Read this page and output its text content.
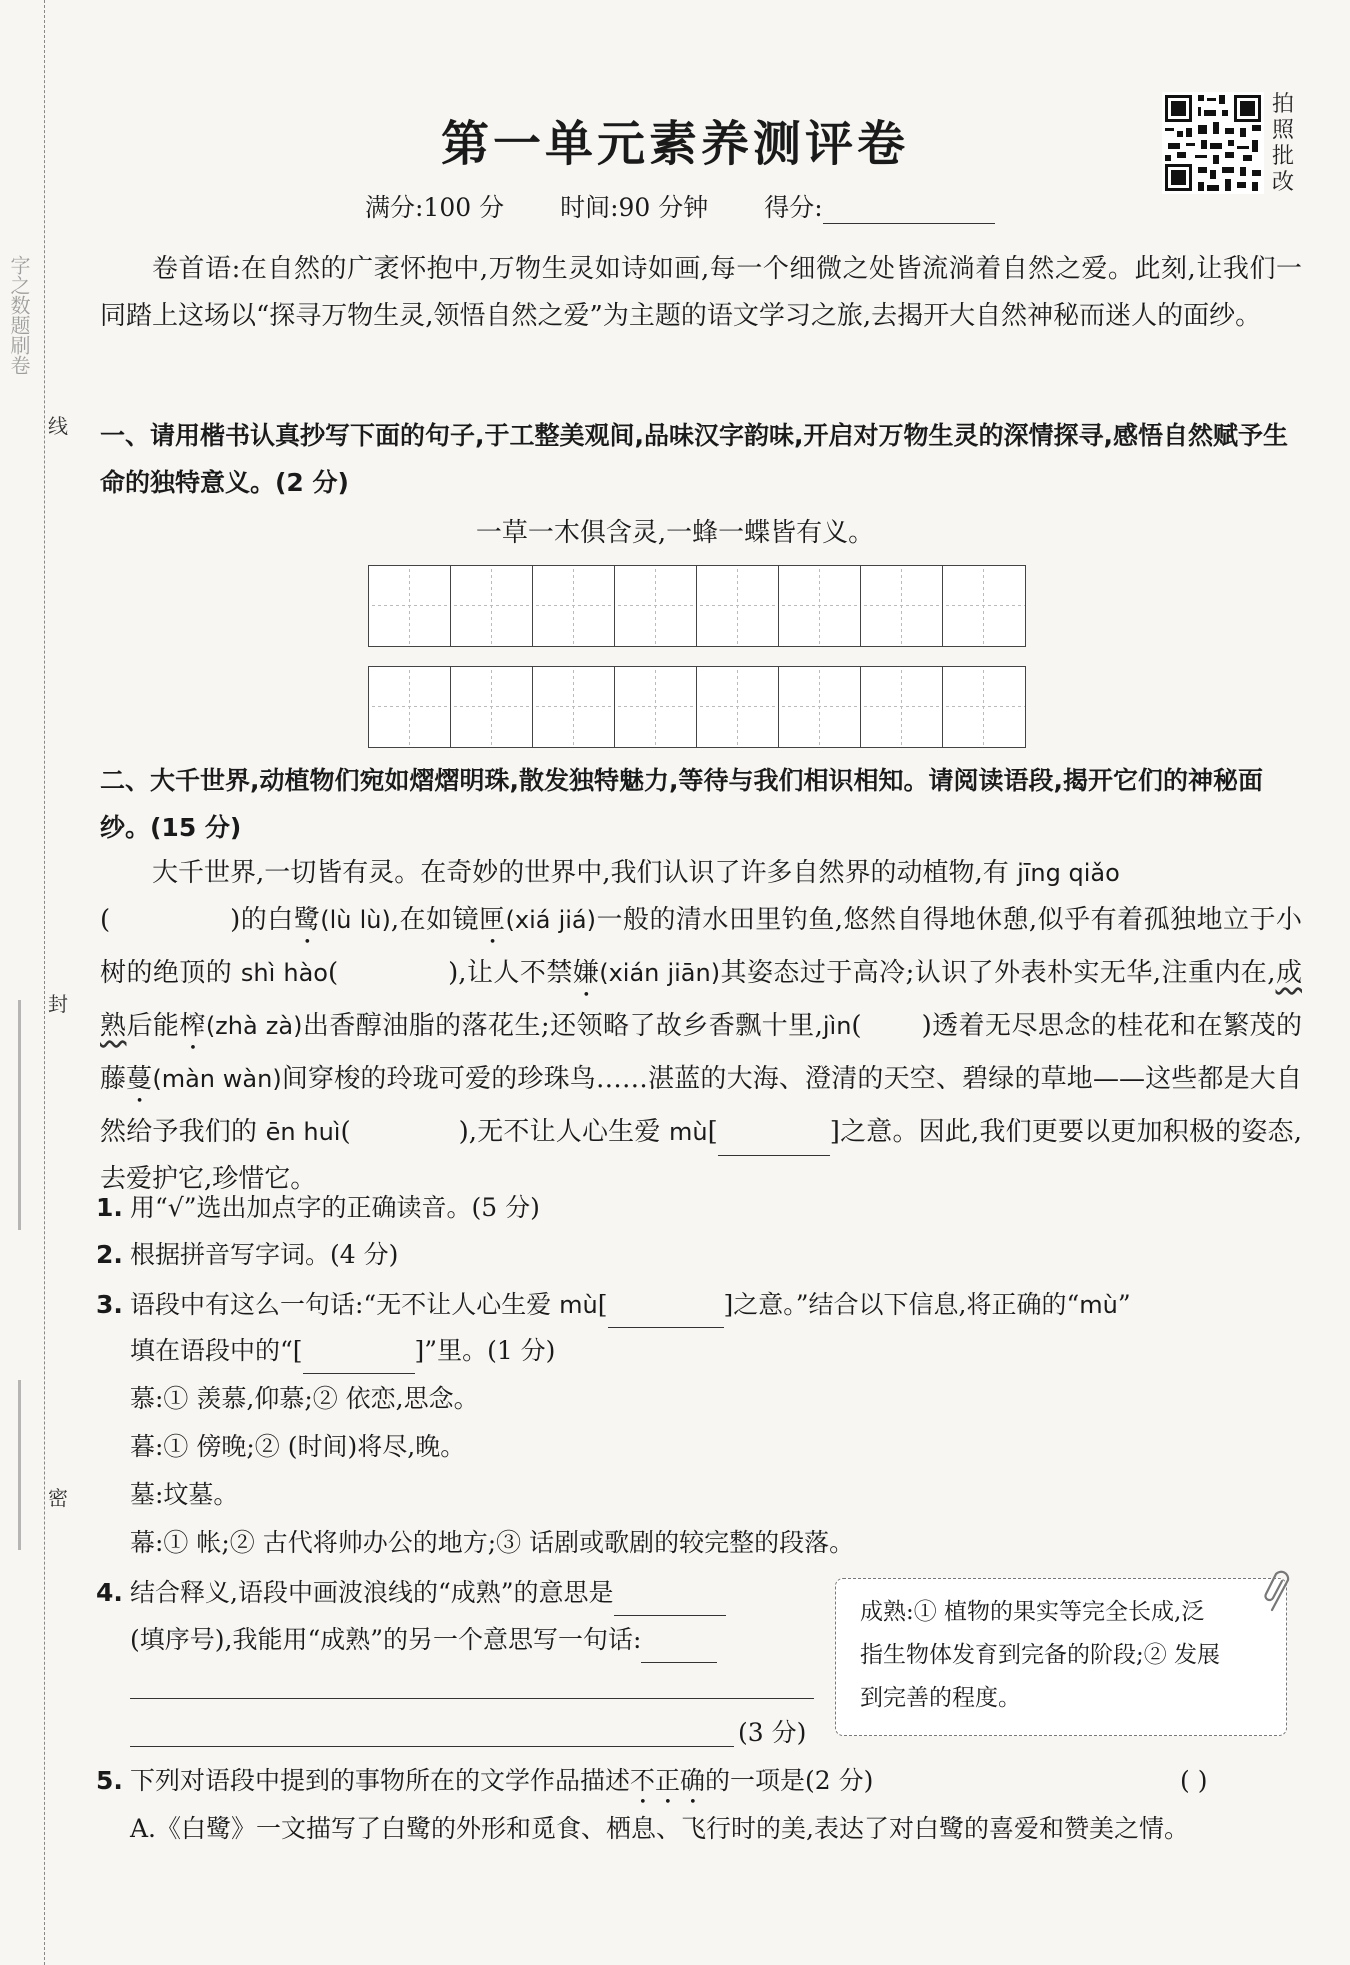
字之数题刷卷
线
封
密
第一单元素养测评卷
拍
照
批
改
满分:100 分 时间:90 分钟 得分:

卷首语:在自然的广袤怀抱中,万物生灵如诗如画,每一个细微之处皆流淌着自然之爱。此刻,让我们一同踏上这场以“探寻万物生灵,领悟自然之爱”为主题的语文学习之旅,去揭开大自然神秘而迷人的面纱。

一、请用楷书认真抄写下面的句子,于工整美观间,品味汉字韵味,开启对万物生灵的深情探寻,感悟自然赋予生命的独特意义。(2 分)
一草一木俱含灵,一蜂一蝶皆有义。
二、大千世界,动植物们宛如熠熠明珠,散发独特魅力,等待与我们相识相知。请阅读语段,揭开它们的神秘面纱。(15 分)

大千世界,一切皆有灵。在奇妙的世界中,我们认识了许多自然界的动植物,有 jīng qiǎo
(	)的白鹭(lù lù),在如镜匣(xiá jiá)一般的清水田里钓鱼,悠然自得地休憩,似乎有着孤独地立于小树的绝顶的 shì hào(	),让人不禁嫌(xián jiān)其姿态过于高冷;认识了外表朴实无华,注重内在,成熟后能榨(zhà zà)出香醇油脂的落花生;还领略了故乡香飘十里,jìn( )透着无尽思念的桂花和在繁茂的藤蔓(màn wàn)间穿梭的玲珑可爱的珍珠鸟……湛蓝的大海、澄清的天空、碧绿的草地——这些都是大自然给予我们的 ēn huì(	),无不让人心生爱 mù[	]之意。因此,我们更要以更加积极的姿态,去爱护它,珍惜它。

1. 用“√”选出加点字的正确读音。(5 分)
2. 根据拼音写字词。(4 分)
3. 语段中有这么一句话:“无不让人心生爱 mù[	]之意。”结合以下信息,将正确的“mù”
填在语段中的“[	]”里。(1 分)
慕:① 羡慕,仰慕;② 依恋,思念。
暮:① 傍晚;② (时间)将尽,晚。
墓:坟墓。
幕:① 帐;② 古代将帅办公的地方;③ 话剧或歌剧的较完整的段落。
4. 结合释义,语段中画波浪线的“成熟”的意思是
(填序号),我能用“成熟”的另一个意思写一句话:
(3 分)
成熟:① 植物的果实等完全长成,泛
指生物体发育到完备的阶段;② 发展
到完善的程度。
5. 下列对语段中提到的事物所在的文学作品描述不正确的一项是(2 分)	( )
A.《白鹭》一文描写了白鹭的外形和觅食、栖息、飞行时的美,表达了对白鹭的喜爱和赞美之情。
